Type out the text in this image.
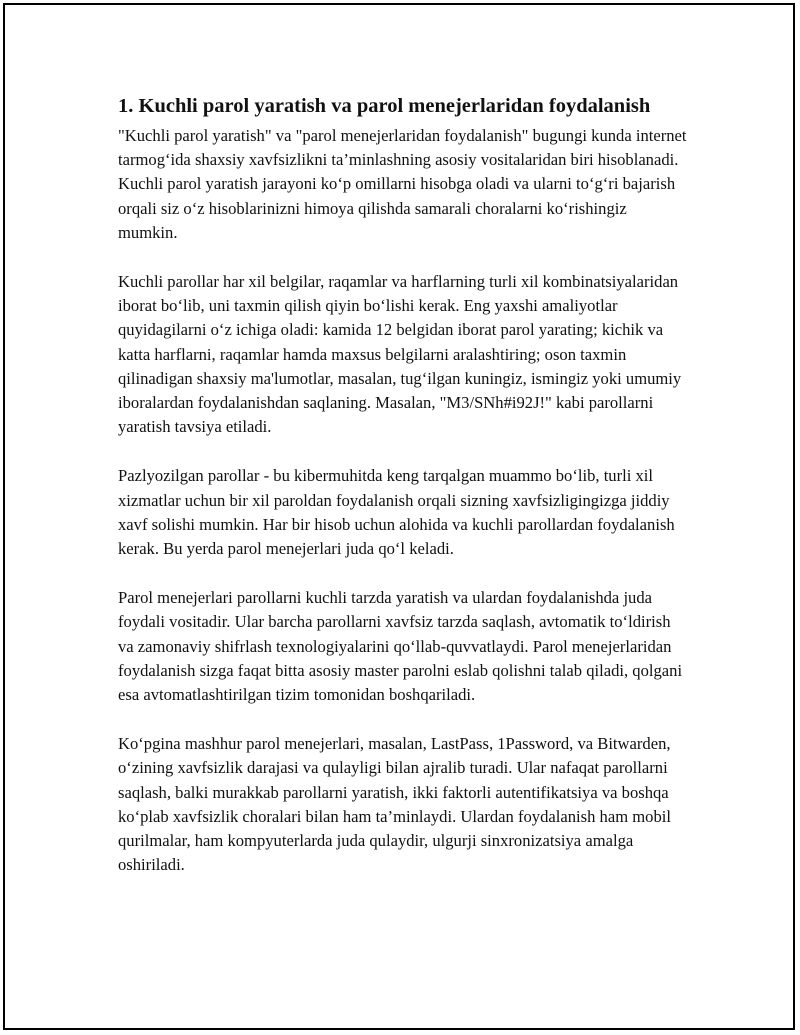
1. Kuchli parol yaratish va parol menejerlaridan foydalanish

"Kuchli parol yaratish" va "parol menejerlaridan foydalanish" bugungi kunda internet tarmog‘ida shaxsiy xavfsizlikni ta’minlashning asosiy vositalaridan biri hisoblanadi. Kuchli parol yaratish jarayoni ko‘p omillarni hisobga oladi va ularni to‘g‘ri bajarish orqali siz o‘z hisoblarinizni himoya qilishda samarali choralarni ko‘rishingiz mumkin.

Kuchli parollar har xil belgilar, raqamlar va harflarning turli xil kombinatsiyalaridan iborat bo‘lib, uni taxmin qilish qiyin bo‘lishi kerak. Eng yaxshi amaliyotlar quyidagilarni o‘z ichiga oladi: kamida 12 belgidan iborat parol yarating; kichik va katta harflarni, raqamlar hamda maxsus belgilarni aralashtiring; oson taxmin qilinadigan shaxsiy ma'lumotlar, masalan, tug‘ilgan kuningiz, ismingiz yoki umumiy iboralardan foydalanishdan saqlaning. Masalan, "M3/SNh#i92J!" kabi parollarni yaratish tavsiya etiladi.

Pazlyozilgan parollar - bu kibermuhitda keng tarqalgan muammo bo‘lib, turli xil xizmatlar uchun bir xil paroldan foydalanish orqali sizning xavfsizligingizga jiddiy xavf solishi mumkin. Har bir hisob uchun alohida va kuchli parollardan foydalanish kerak. Bu yerda parol menejerlari juda qo‘l keladi.

Parol menejerlari parollarni kuchli tarzda yaratish va ulardan foydalanishda juda foydali vositadir. Ular barcha parollarni xavfsiz tarzda saqlash, avtomatik to‘ldirish va zamonaviy shifrlash texnologiyalarini qo‘llab-quvvatlaydi. Parol menejerlaridan foydalanish sizga faqat bitta asosiy master parolni eslab qolishni talab qiladi, qolgani esa avtomatlashtirilgan tizim tomonidan boshqariladi.

Ko‘pgina mashhur parol menejerlari, masalan, LastPass, 1Password, va Bitwarden, o‘zining xavfsizlik darajasi va qulayligi bilan ajralib turadi. Ular nafaqat parollarni saqlash, balki murakkab parollarni yaratish, ikki faktorli autentifikatsiya va boshqa ko‘plab xavfsizlik choralari bilan ham ta’minlaydi. Ulardan foydalanish ham mobil qurilmalar, ham kompyuterlarda juda qulaydir, ulgurji sinxronizatsiya amalga oshiriladi.
